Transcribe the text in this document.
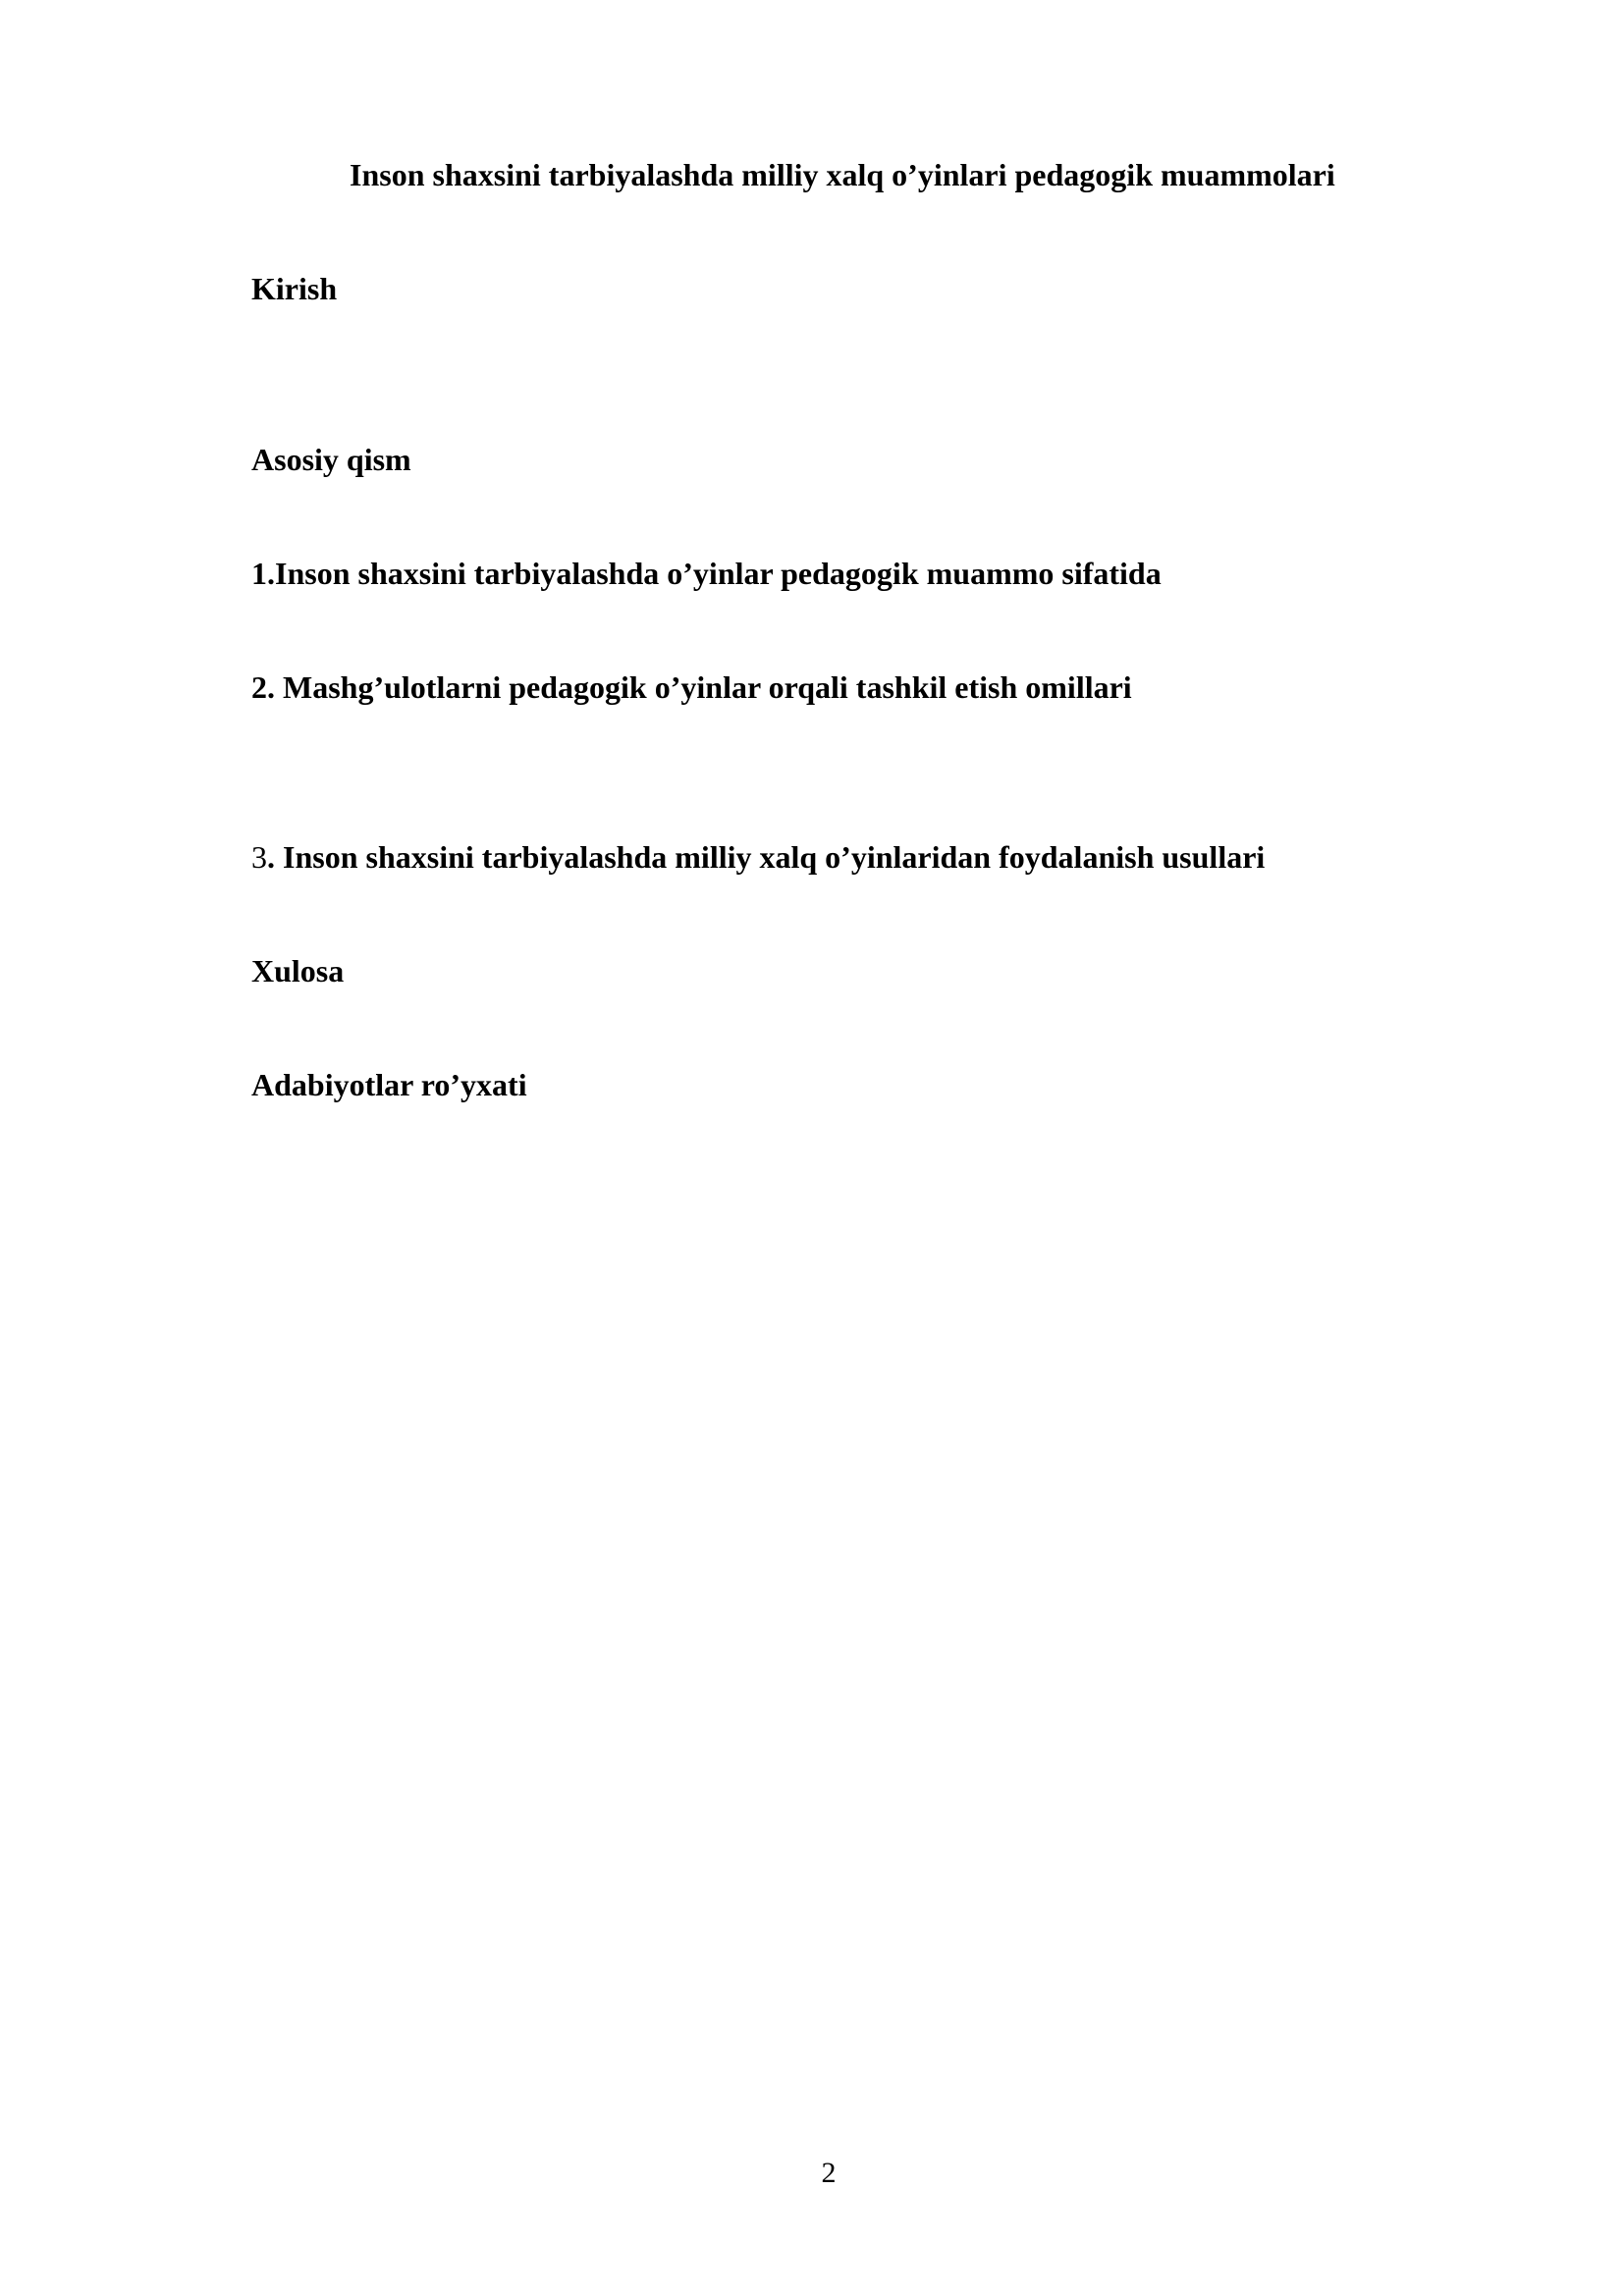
Inson shaxsini tarbiyalashda milliy xalq o’yinlari pedagogik muammolari
Kirish
Asosiy qism
1.Inson shaxsini tarbiyalashda o’yinlar pedagogik muammo sifatida
2. Mashg’ulotlarni pedagogik o’yinlar orqali tashkil etish omillari
3. Inson shaxsini tarbiyalashda milliy xalq o’yinlaridan foydalanish usullari
Xulosa
Adabiyotlar ro’yxati
2
